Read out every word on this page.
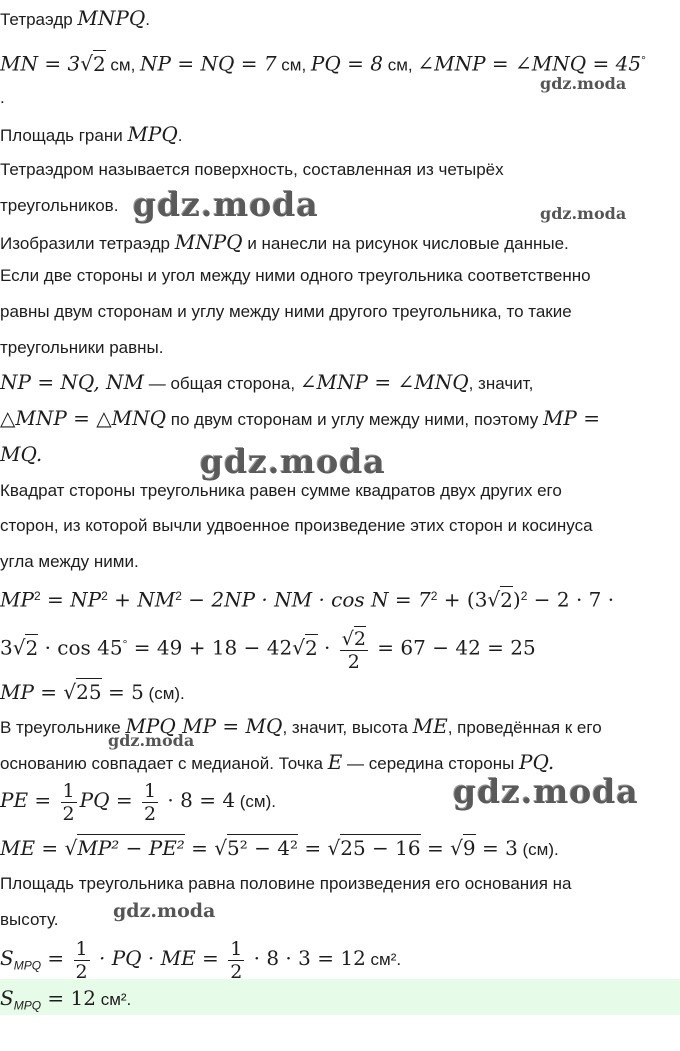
Тетраэдр MNPQ.
MN = 3√2 см, NP = NQ = 7 см, PQ = 8 см, ∠MNP = ∠MNQ = 45°
.
Площадь грани MPQ.
Тетраэдром называется поверхность, составленная из четырёх
треугольников.
Изобразили тетраэдр MNPQ и нанесли на рисунок числовые данные.
Если две стороны и угол между ними одного треугольника соответственно
равны двум сторонам и углу между ними другого треугольника, то такие
треугольники равны.
NP = NQ, NM — общая сторона, ∠MNP = ∠MNQ, значит,
△MNP = △MNQ по двум сторонам и углу между ними, поэтому MP =
MQ.
Квадрат стороны треугольника равен сумме квадратов двух других его
сторон, из которой вычли удвоенное произведение этих сторон и косинуса
угла между ними.
$MP^2 = NP^2 + NM^2 - 2NP$ · NM · $\cos N = 7^2 + (3√2)^2 - 2 \cdot 7$ ·
$3√2 \cdot \cos 45^\circ = 49 + 18 - 42√2 \cdot \frac{√2}{2} = 67 - 42 = 25$
MP = √25 = 5 (см).
В треугольнике MPQ MP = MQ, значит, высота ME, проведённая к его
основанию совпадает с медианой. Точка E — середина стороны PQ.
PE = $\frac{1}{2}$ PQ = $\frac{1}{2} \cdot 8 = 4$ (см).
ME = √MP² − PE² = √5² − 4² = √25 − 16 = √9 = 3 (см).
Площадь треугольника равна половине произведения его основания на
высоту.
$S_{MPQ} = \frac{1}{2}$ · PQ · ME = $\frac{1}{2} \cdot 8 \cdot 3 = 12$ см².
$S_{MPQ} = 12$ см².
gdz.moda
gdz.moda	gdz.moda
gdz.moda
gdz.moda
gdz.moda
gdz.moda
